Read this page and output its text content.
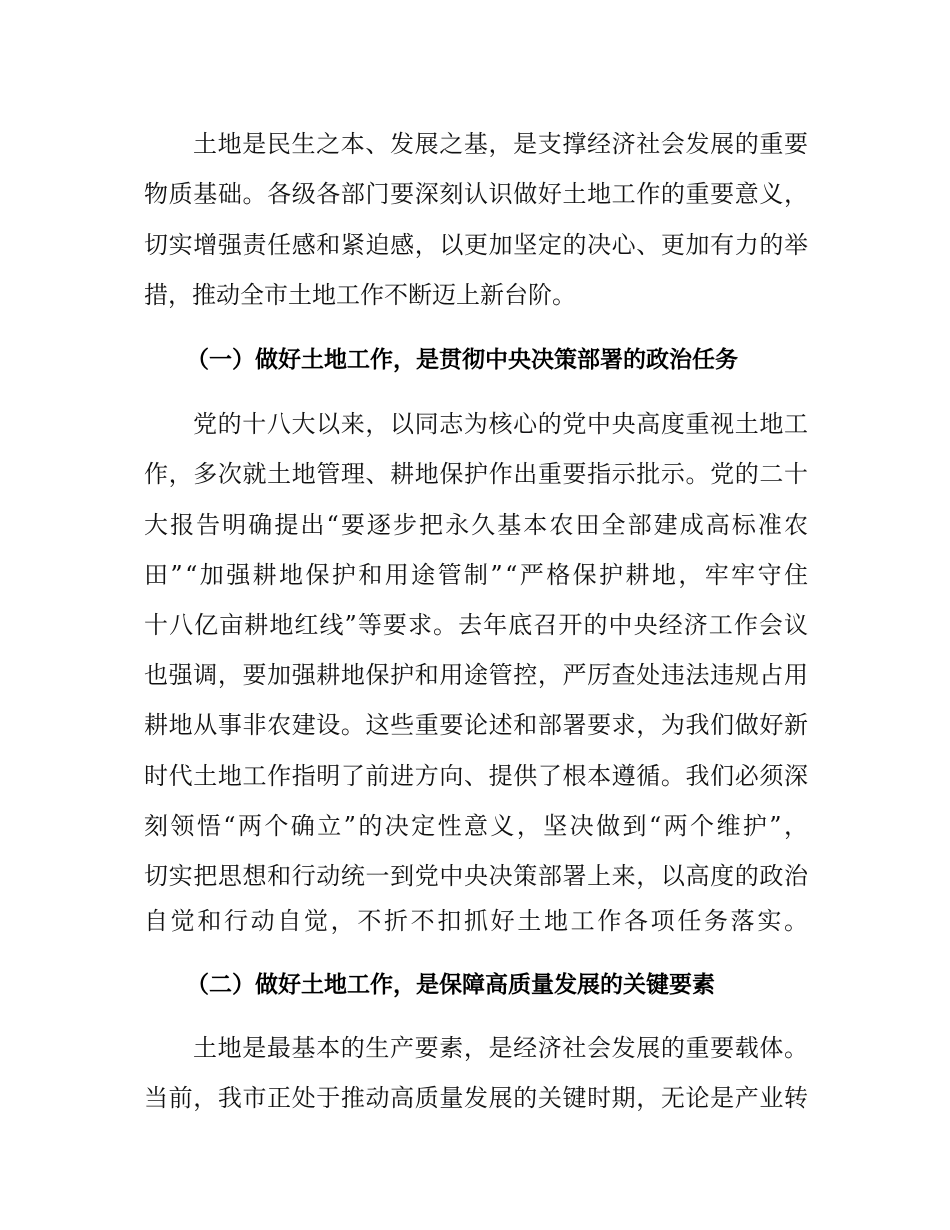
土地是民生之本、发展之基，是支撑经济社会发展的重要
物质基础。各级各部门要深刻认识做好土地工作的重要意义，
切实增强责任感和紧迫感，以更加坚定的决心、更加有力的举
措，推动全市土地工作不断迈上新台阶。
（一）做好土地工作，是贯彻中央决策部署的政治任务
党的十八大以来，以同志为核心的党中央高度重视土地工
作，多次就土地管理、耕地保护作出重要指示批示。党的二十
大报告明确提出“要逐步把永久基本农田全部建成高标准农
田”“加强耕地保护和用途管制”“严格保护耕地，牢牢守住
十八亿亩耕地红线”等要求。去年底召开的中央经济工作会议
也强调，要加强耕地保护和用途管控，严厉查处违法违规占用
耕地从事非农建设。这些重要论述和部署要求，为我们做好新
时代土地工作指明了前进方向、提供了根本遵循。我们必须深
刻领悟“两个确立”的决定性意义，坚决做到“两个维护”，
切实把思想和行动统一到党中央决策部署上来，以高度的政治
自觉和行动自觉，不折不扣抓好土地工作各项任务落实。
（二）做好土地工作，是保障高质量发展的关键要素
土地是最基本的生产要素，是经济社会发展的重要载体。
当前，我市正处于推动高质量发展的关键时期，无论是产业转
